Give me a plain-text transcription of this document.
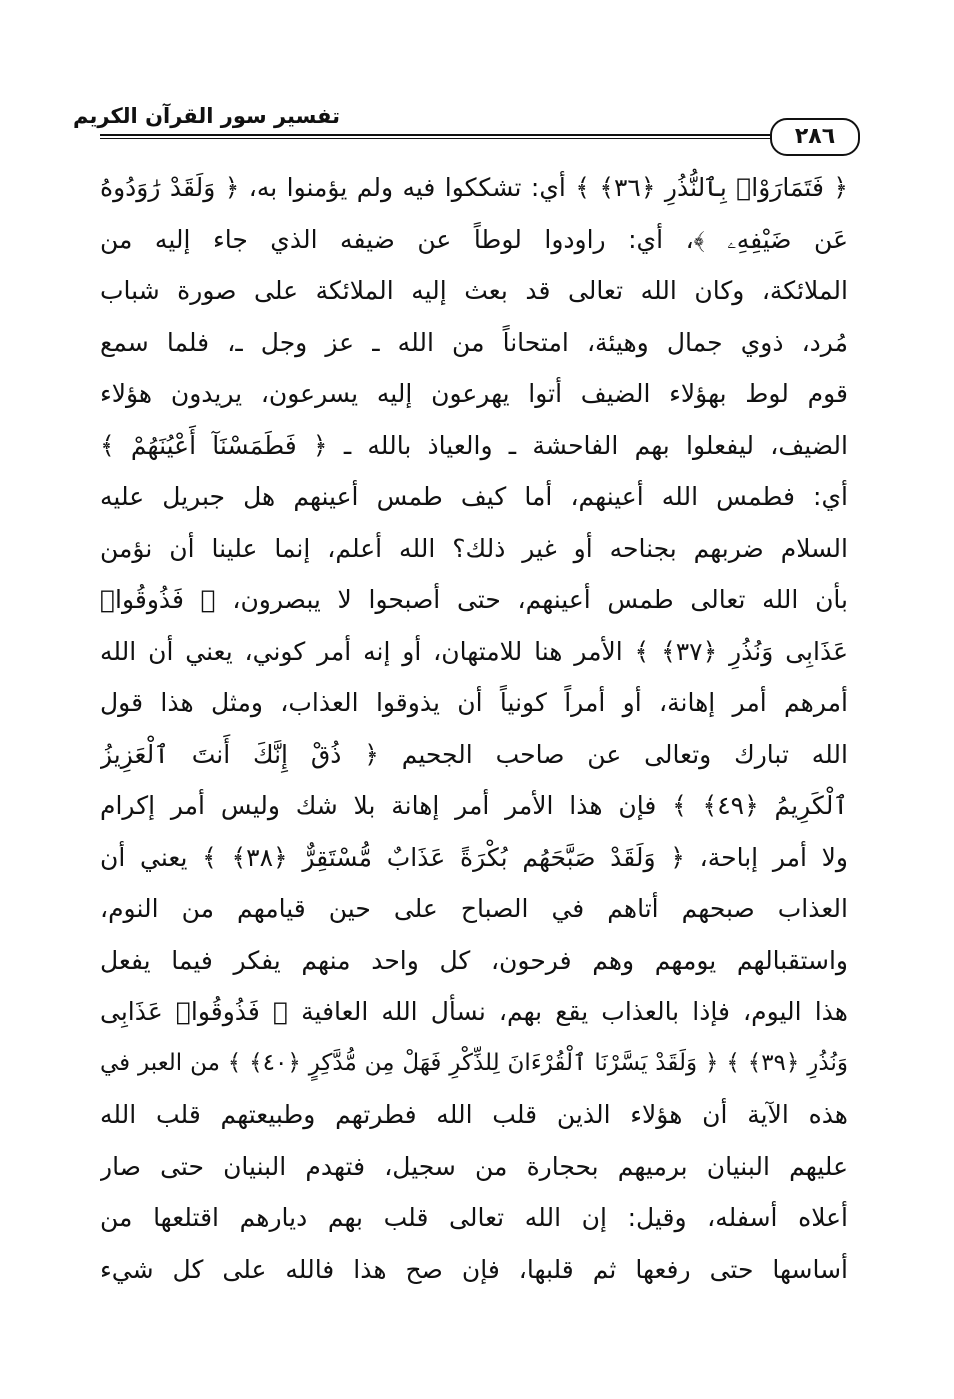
تفسير سور القرآن الكريم
٢٨٦
﴿ فَتَمَارَوْا۟ بِٱلنُّذُرِ ﴿٣٦﴾ ﴾ أي: تشككوا فيه ولم يؤمنوا به، ﴿ وَلَقَدْ رَٰوَدُوهُ
عَن ضَيْفِهِۦ ﴾، أي: راودوا لوطاً عن ضيفه الذي جاء إليه من
الملائكة، وكان الله تعالى قد بعث إليه الملائكة على صورة شباب
مُرد، ذوي جمال وهيئة، امتحاناً من الله ـ عز وجل ـ، فلما سمع
قوم لوط بهؤلاء الضيف أتوا يهرعون إليه يسرعون، يريدون هؤلاء
الضيف، ليفعلوا بهم الفاحشة ـ والعياذ بالله ـ ﴿ فَطَمَسْنَآ أَعْيُنَهُمْ ﴾
أي: فطمس الله أعينهم، أما كيف طمس أعينهم هل جبريل عليه
السلام ضربهم بجناحه أو غير ذلك؟ الله أعلم، إنما علينا أن نؤمن
بأن الله تعالى طمس أعينهم، حتى أصبحوا لا يبصرون، ﴿ فَذُوقُوا۟
عَذَابِى وَنُذُرِ ﴿٣٧﴾ ﴾ الأمر هنا للامتهان، أو إنه أمر كوني، يعني أن الله
أمرهم أمر إهانة، أو أمراً كونياً أن يذوقوا العذاب، ومثل هذا قول
الله تبارك وتعالى عن صاحب الجحيم ﴿ ذُقْ إِنَّكَ أَنتَ ٱلْعَزِيزُ
ٱلْكَرِيمُ ﴿٤٩﴾ ﴾ فإن هذا الأمر أمر إهانة بلا شك وليس أمر إكرام
ولا أمر إباحة، ﴿ وَلَقَدْ صَبَّحَهُم بُكْرَةً عَذَابٌ مُّسْتَقِرٌّ ﴿٣٨﴾ ﴾ يعني أن
العذاب صبحهم أتاهم في الصباح على حين قيامهم من النوم،
واستقبالهم يومهم وهم فرحون، كل واحد منهم يفكر فيما يفعل
هذا اليوم، فإذا بالعذاب يقع بهم، نسأل الله العافية ﴿ فَذُوقُوا۟ عَذَابِى
وَنُذُرِ ﴿٣٩﴾ ﴾ ﴿ وَلَقَدْ يَسَّرْنَا ٱلْقُرْءَانَ لِلذِّكْرِ فَهَلْ مِن مُّدَّكِرٍ ﴿٤٠﴾ ﴾ من العبر في
هذه الآية أن هؤلاء الذين قلب الله فطرتهم وطبيعتهم قلب الله
عليهم البنيان برميهم بحجارة من سجيل، فتهدم البنيان حتى صار
أعلاه أسفله، وقيل: إن الله تعالى قلب بهم ديارهم اقتلعها من
أساسها حتى رفعها ثم قلبها، فإن صح هذا فالله على كل شيء
